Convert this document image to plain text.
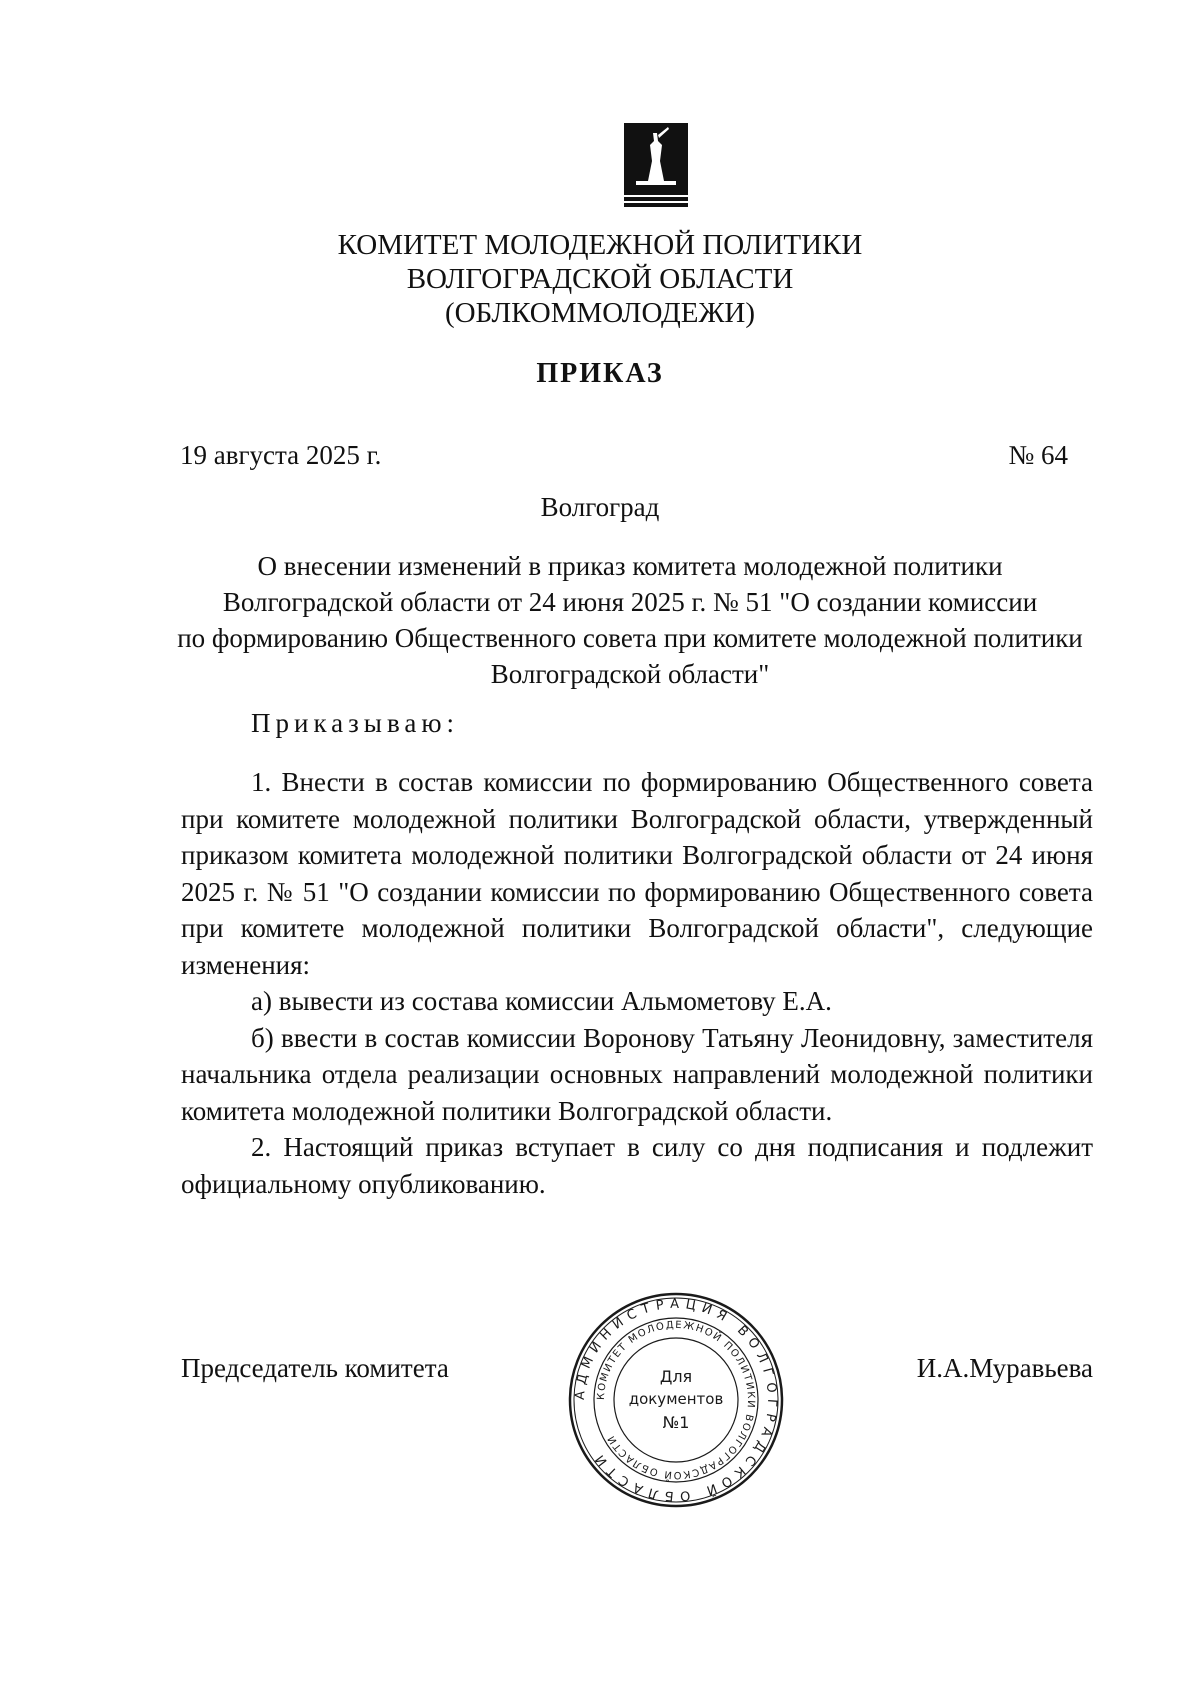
КОМИТЕТ МОЛОДЕЖНОЙ ПОЛИТИКИ
ВОЛГОГРАДСКОЙ ОБЛАСТИ
(ОБЛКОММОЛОДЕЖИ)
ПРИКАЗ
19 августа 2025 г.	№ 64
Волгоград
О внесении изменений в приказ комитета молодежной политики
Волгоградской области от 24 июня 2025 г. № 51 "О создании комиссии
по формированию Общественного совета при комитете молодежной политики
Волгоградской области"
Приказываю:

1. Внести в состав комиссии по формированию Общественного совета при комитете молодежной политики Волгоградской области, утвержденный приказом комитета молодежной политики Волгоградской области от 24 июня 2025 г. № 51 "О создании комиссии по формированию Общественного совета при комитете молодежной политики Волгоградской области", следующие изменения:

а) вывести из состава комиссии Альмометову Е.А.

б) ввести в состав комиссии Воронову Татьяну Леонидовну, заместителя начальника отдела реализации основных направлений молодежной политики комитета молодежной политики Волгоградской области.

2. Настоящий приказ вступает в силу со дня подписания и подлежит официальному опубликованию.

Председатель комитета	И.А.Муравьева
АДМИНИСТРАЦИЯ ВОЛГОГРАДСКОЙ ОБЛАСТИ
КОМИТЕТ МОЛОДЕЖНОЙ ПОЛИТИКИ ВОЛГОГРАДСКОЙ ОБЛАСТИ
Для
документов
№1
